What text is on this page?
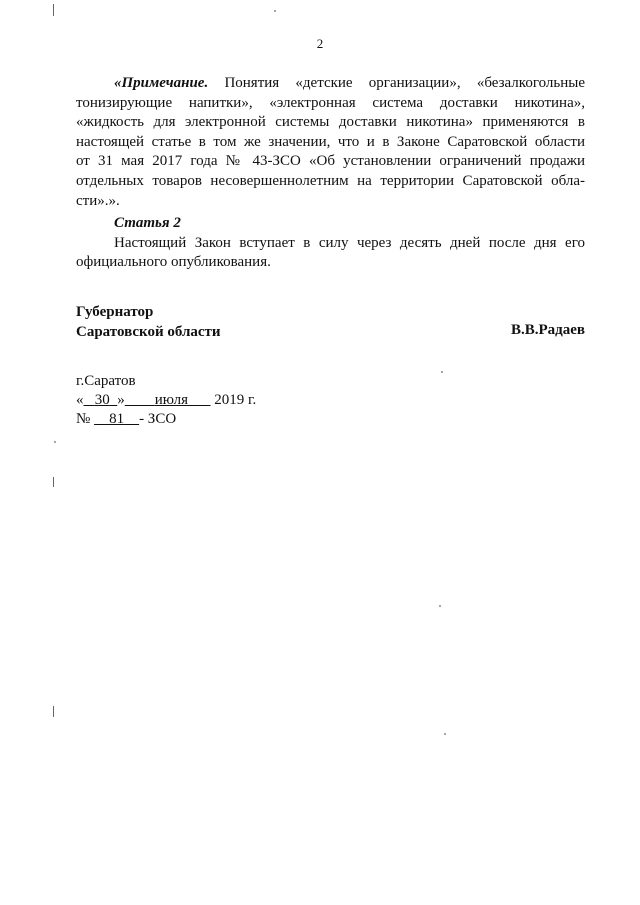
2
«Примечание. Понятия «детские организации», «безалкогольные
тонизирующие напитки», «электронная система доставки никотина»,
«жидкость для электронной системы доставки никотина» применяются в
настоящей статье в том же значении, что и в Законе Саратовской области
от 31 мая 2017 года № 43-ЗСО «Об установлении ограничений продажи
отдельных товаров несовершеннолетним на территории Саратовской обла-
сти».».
Статья 2
Настоящий Закон вступает в силу через десять дней после дня его
официального опубликования.
Губернатор
Саратовской области	В.В.Радаев
г.Саратов
« 30 » июля 2019 г.
№ 81 - ЗСО
